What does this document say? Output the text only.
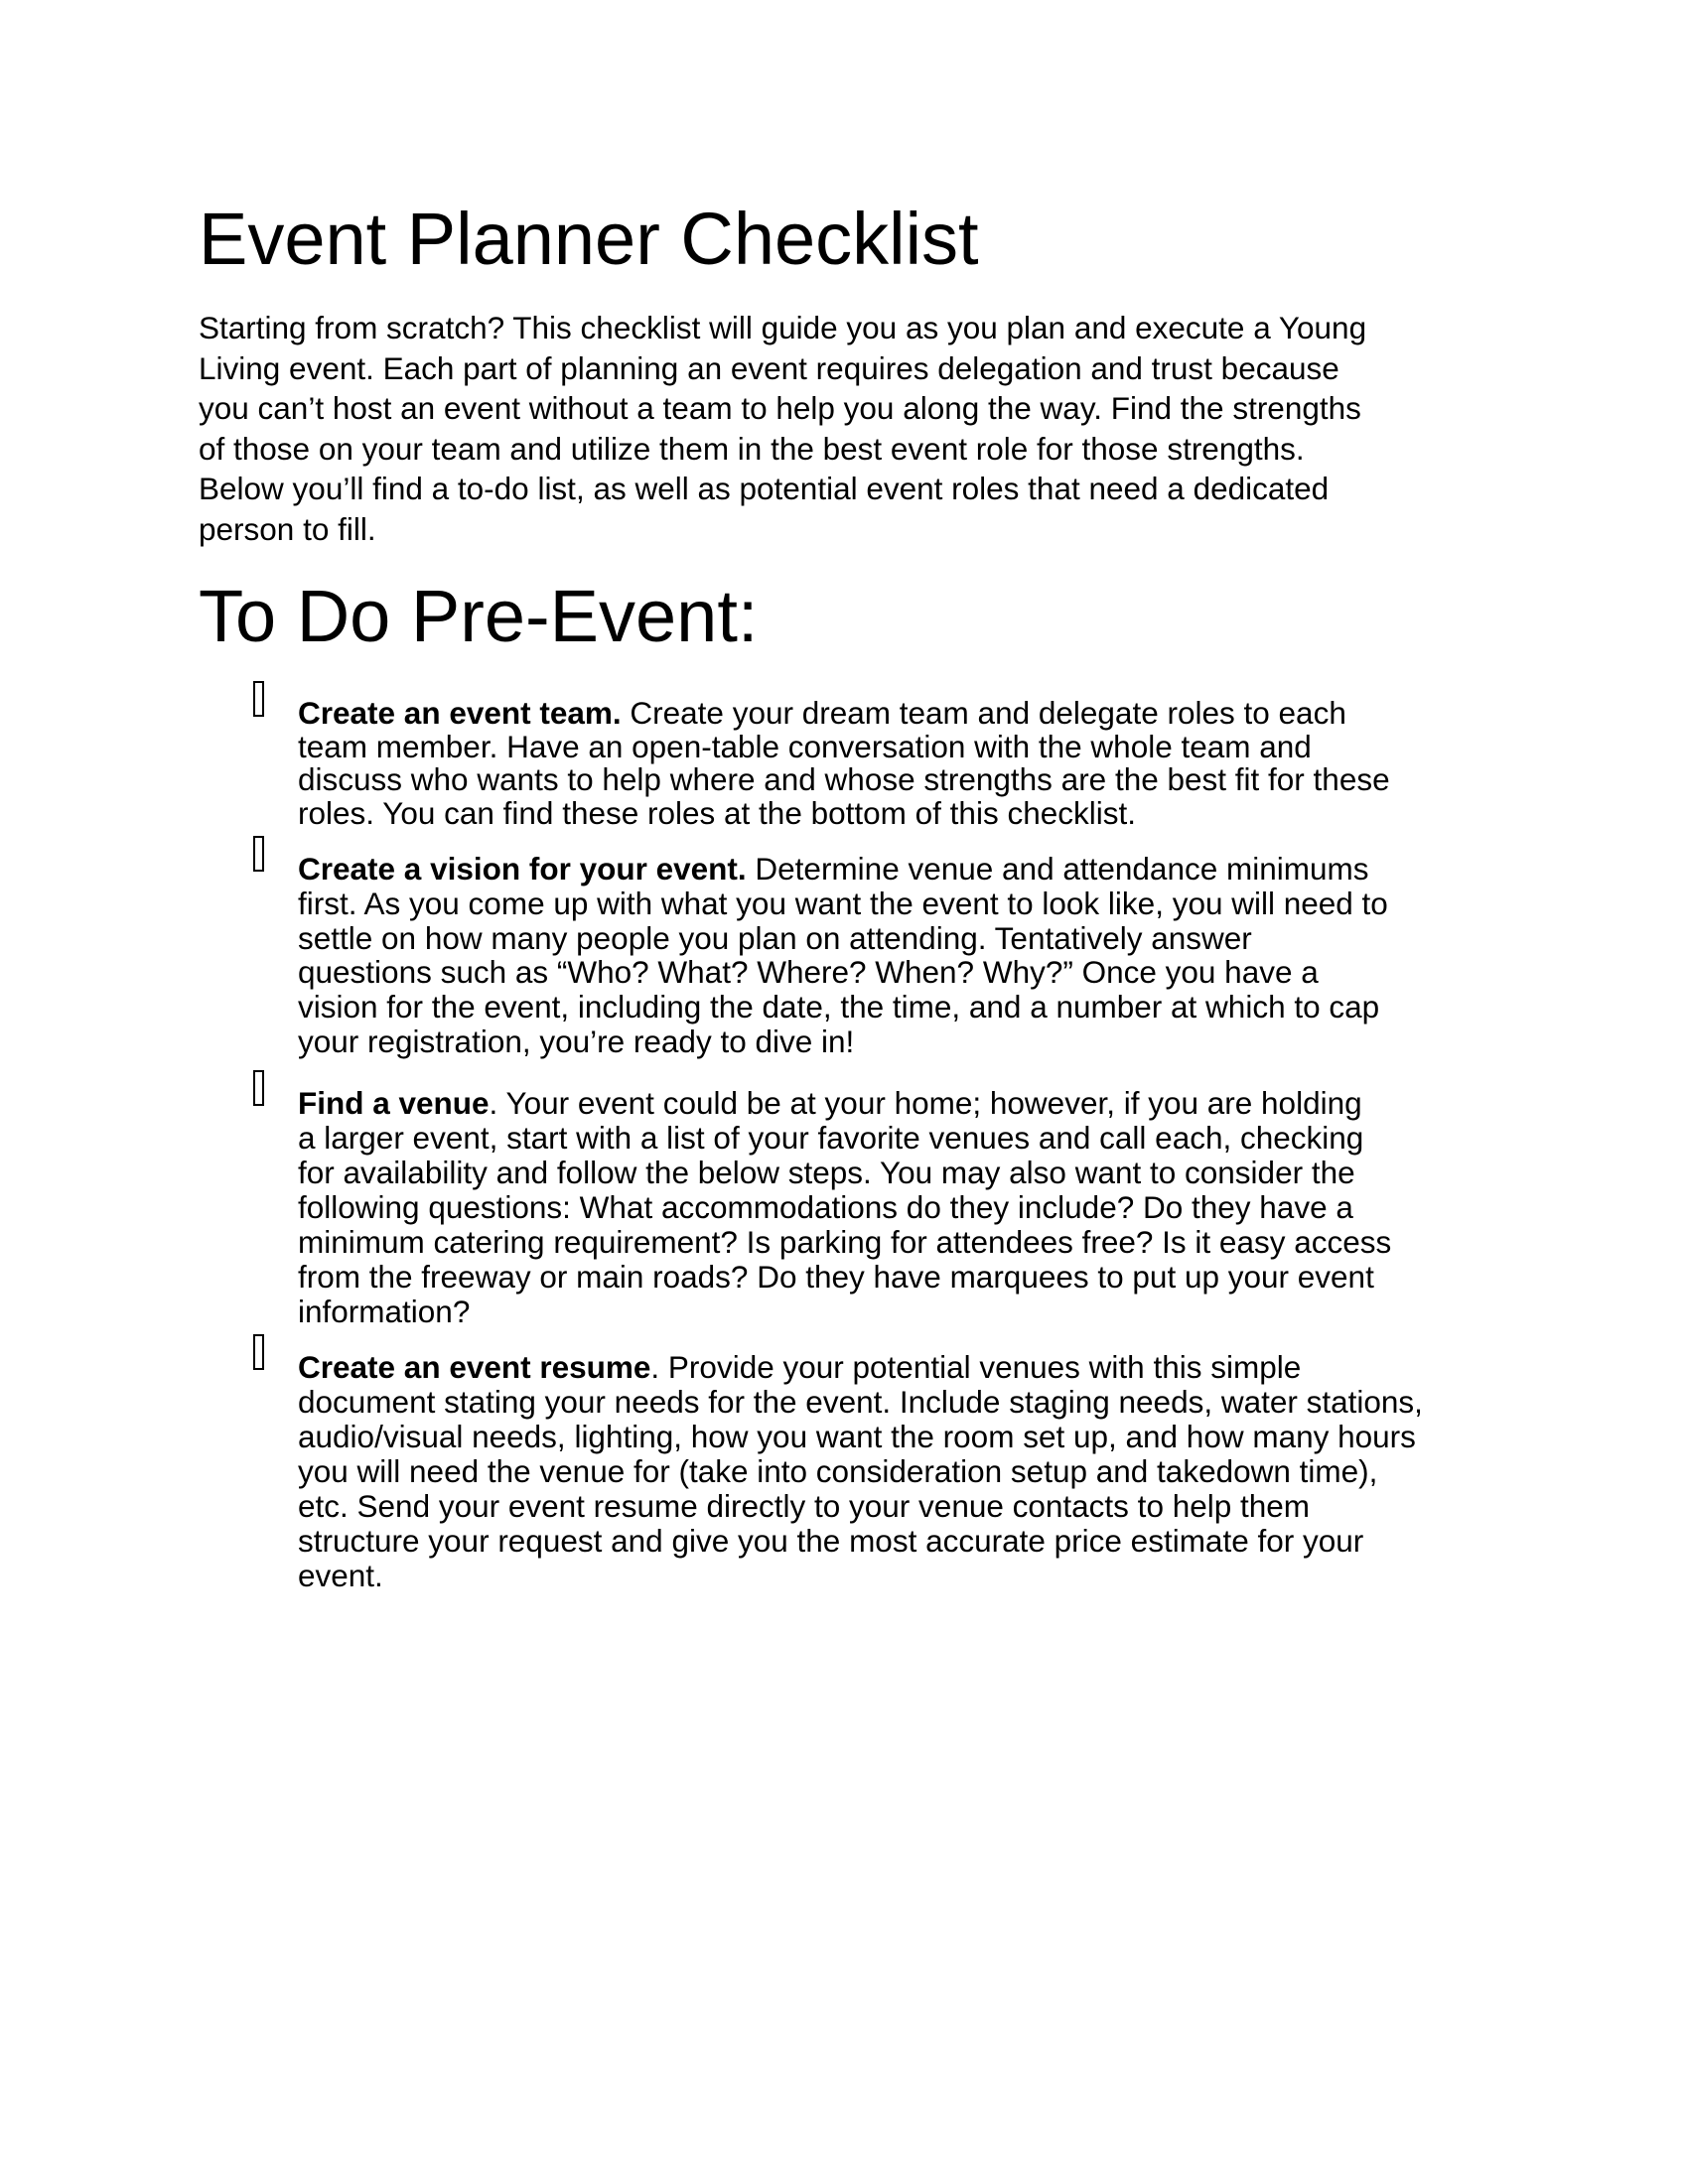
Event Planner Checklist

Starting from scratch? This checklist will guide you as you plan and execute a Young
Living event. Each part of planning an event requires delegation and trust because
you can’t host an event without a team to help you along the way. Find the strengths
of those on your team and utilize them in the best event role for those strengths.
Below you’ll find a to-do list, as well as potential event roles that need a dedicated
person to fill.

To Do Pre-Event:
Create an event team. Create your dream team and delegate roles to each
team member. Have an open-table conversation with the whole team and
discuss who wants to help where and whose strengths are the best fit for these
roles. You can find these roles at the bottom of this checklist.
Create a vision for your event. Determine venue and attendance minimums
first. As you come up with what you want the event to look like, you will need to
settle on how many people you plan on attending. Tentatively answer
questions such as “Who? What? Where? When? Why?” Once you have a
vision for the event, including the date, the time, and a number at which to cap
your registration, you’re ready to dive in!
Find a venue. Your event could be at your home; however, if you are holding
a larger event, start with a list of your favorite venues and call each, checking
for availability and follow the below steps. You may also want to consider the
following questions: What accommodations do they include? Do they have a
minimum catering requirement? Is parking for attendees free? Is it easy access
from the freeway or main roads? Do they have marquees to put up your event
information?
Create an event resume. Provide your potential venues with this simple
document stating your needs for the event. Include staging needs, water stations,
audio/visual needs, lighting, how you want the room set up, and how many hours
you will need the venue for (take into consideration setup and takedown time),
etc. Send your event resume directly to your venue contacts to help them
structure your request and give you the most accurate price estimate for your
event.
